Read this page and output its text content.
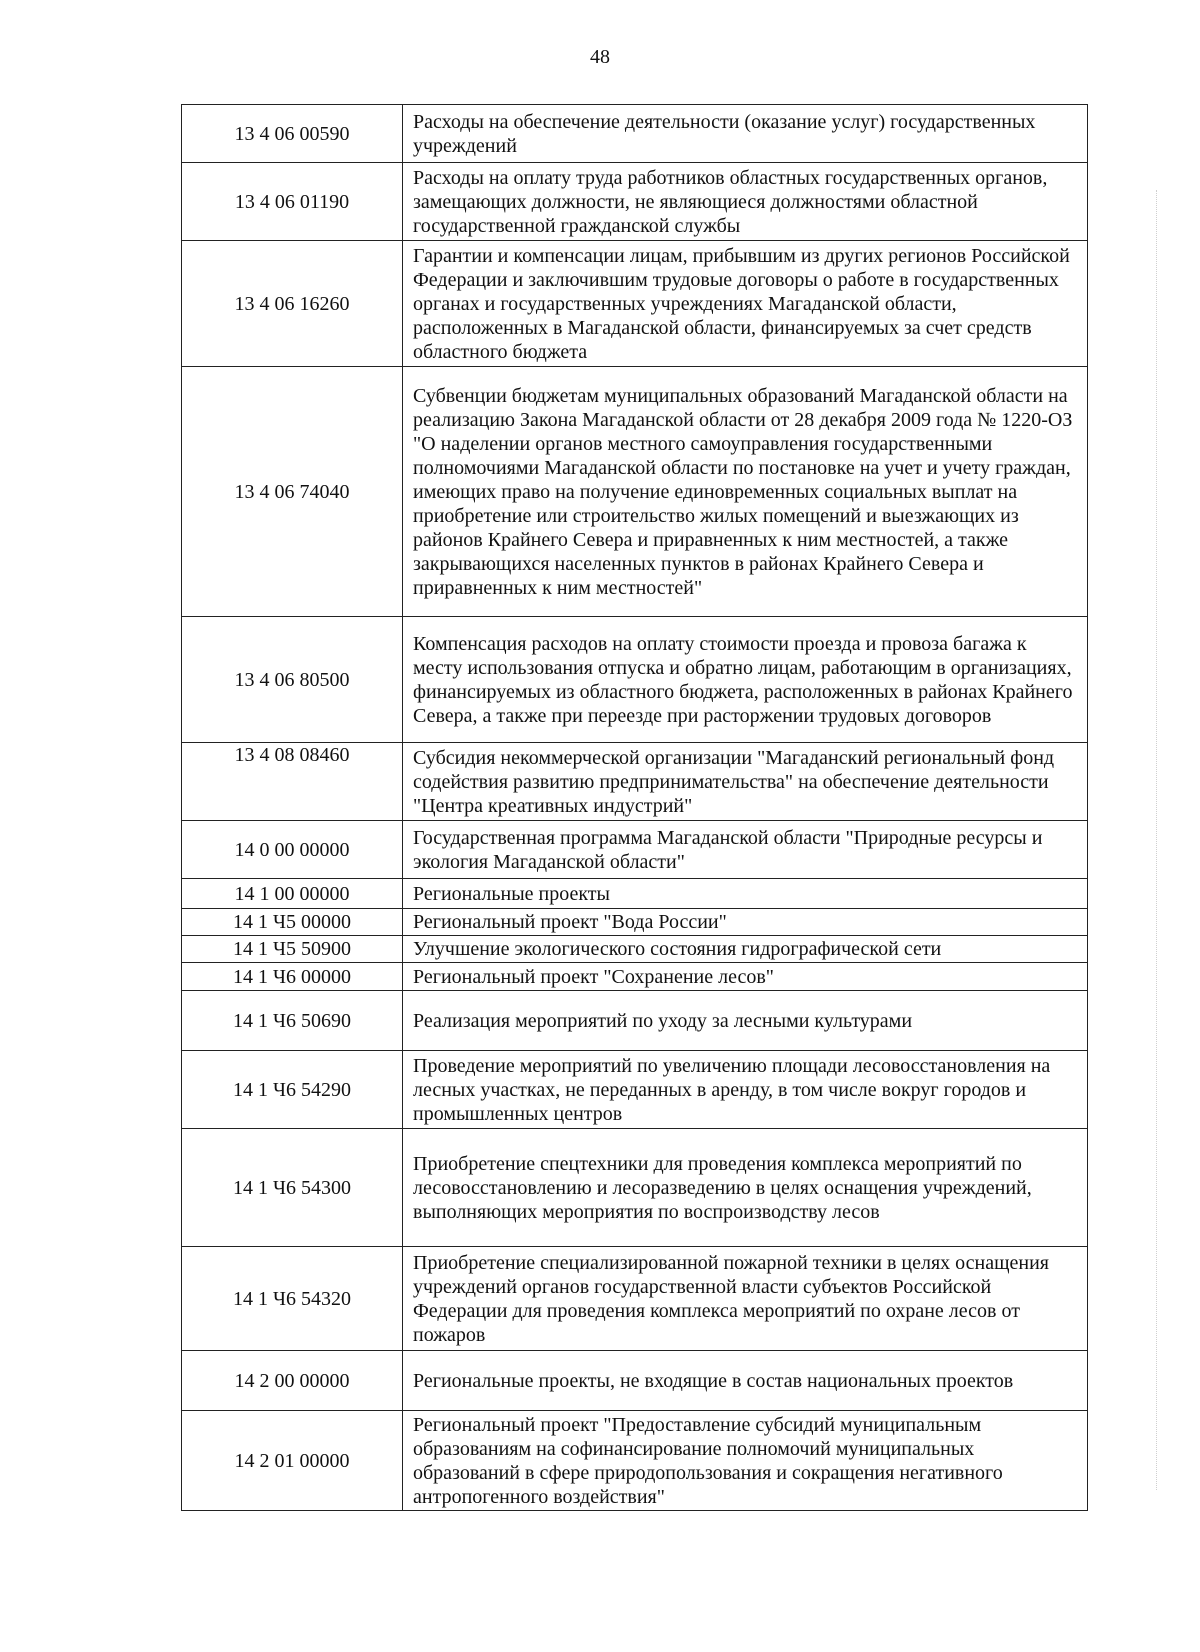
48
13 4 06 00590	Расходы на обеспечение деятельности (оказание услуг) государственных учреждений
13 4 06 01190	Расходы на оплату труда работников областных государственных органов, замещающих должности, не являющиеся должностями областной государственной гражданской службы
13 4 06 16260	Гарантии и компенсации лицам, прибывшим из других регионов Российской Федерации и заключившим трудовые договоры о работе в государственных органах и государственных учреждениях Магаданской области, расположенных в Магаданской области, финансируемых за счет средств областного бюджета
13 4 06 74040	Субвенции бюджетам муниципальных образований Магаданской области на реализацию Закона Магаданской области от 28 декабря 2009 года № 1220-ОЗ "О наделении органов местного самоуправления государственными полномочиями Магаданской области по постановке на учет и учету граждан, имеющих право на получение единовременных социальных выплат на приобретение или строительство жилых помещений и выезжающих из районов Крайнего Севера и приравненных к ним местностей, а также закрывающихся населенных пунктов в районах Крайнего Севера и приравненных к ним местностей"
13 4 06 80500	Компенсация расходов на оплату стоимости проезда и провоза багажа к месту использования отпуска и обратно лицам, работающим в организациях, финансируемых из областного бюджета, расположенных в районах Крайнего Севера, а также при переезде при расторжении трудовых договоров
13 4 08 08460	Субсидия некоммерческой организации "Магаданский региональный фонд содействия развитию предпринимательства" на обеспечение деятельности "Центра креативных индустрий"
14 0 00 00000	Государственная программа Магаданской области "Природные ресурсы и экология Магаданской области"
14 1 00 00000	Региональные проекты
14 1 Ч5 00000	Региональный проект "Вода России"
14 1 Ч5 50900	Улучшение экологического состояния гидрографической сети
14 1 Ч6 00000	Региональный проект "Сохранение лесов"
14 1 Ч6 50690	Реализация мероприятий по уходу за лесными культурами
14 1 Ч6 54290	Проведение мероприятий по увеличению площади лесовосстановления на лесных участках, не переданных в аренду, в том числе вокруг городов и промышленных центров
14 1 Ч6 54300	Приобретение спецтехники для проведения комплекса мероприятий по лесовосстановлению и лесоразведению в целях оснащения учреждений, выполняющих мероприятия по воспроизводству лесов
14 1 Ч6 54320	Приобретение специализированной пожарной техники в целях оснащения учреждений органов государственной власти субъектов Российской Федерации для проведения комплекса мероприятий по охране лесов от пожаров
14 2 00 00000	Региональные проекты, не входящие в состав национальных проектов
14 2 01 00000	Региональный проект "Предоставление субсидий муниципальным образованиям на софинансирование полномочий муниципальных образований в сфере природопользования и сокращения негативного антропогенного воздействия"
